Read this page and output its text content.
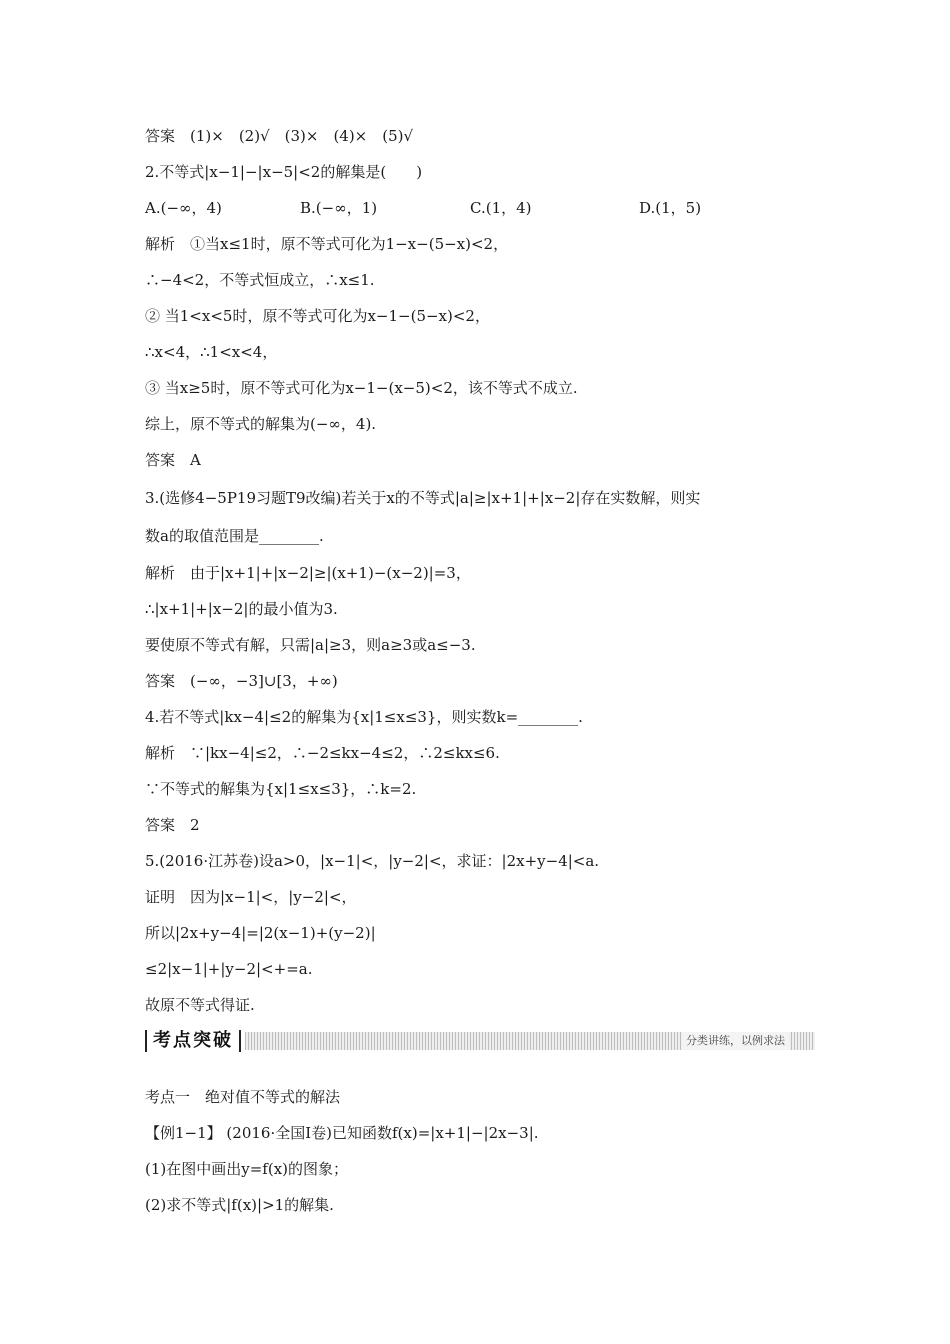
答案　(1)×　(2)√　(3)×　(4)×　(5)√
2.不等式|x−1|−|x−5|<2的解集是(　　)
A.(−∞，4)	B.(−∞，1)	C.(1，4)	D.(1，5)
解析　①当x≤1时，原不等式可化为1−x−(5−x)<2，
∴−4<2，不等式恒成立，∴x≤1.
② 当1<x<5时，原不等式可化为x−1−(5−x)<2，
∴x<4，∴1<x<4，
③ 当x≥5时，原不等式可化为x−1−(x−5)<2，该不等式不成立.
综上，原不等式的解集为(−∞，4).
答案　A
3.(选修4−5P19习题T9改编)若关于x的不等式|a|≥|x+1|+|x−2|存在实数解，则实
数a的取值范围是________.
解析　由于|x+1|+|x−2|≥|(x+1)−(x−2)|=3，
∴|x+1|+|x−2|的最小值为3.
要使原不等式有解，只需|a|≥3，则a≥3或a≤−3.
答案　(−∞，−3]∪[3，+∞)
4.若不等式|kx−4|≤2的解集为{x|1≤x≤3}，则实数k=________.
解析　∵|kx−4|≤2，∴−2≤kx−4≤2，∴2≤kx≤6.
∵不等式的解集为{x|1≤x≤3}，∴k=2.
答案　2
5.(2016·江苏卷)设a>0，|x−1|<，|y−2|<，求证：|2x+y−4|<a.
证明　因为|x−1|<，|y−2|<，
所以|2x+y−4|=|2(x−1)+(y−2)|
≤2|x−1|+|y−2|<+=a.
故原不等式得证.
考点突破	分类讲练，以例求法
考点一　绝对值不等式的解法
【例1−1】 (2016·全国Ⅰ卷)已知函数f(x)=|x+1|−|2x−3|.
(1)在图中画出y=f(x)的图象；
(2)求不等式|f(x)|>1的解集.
